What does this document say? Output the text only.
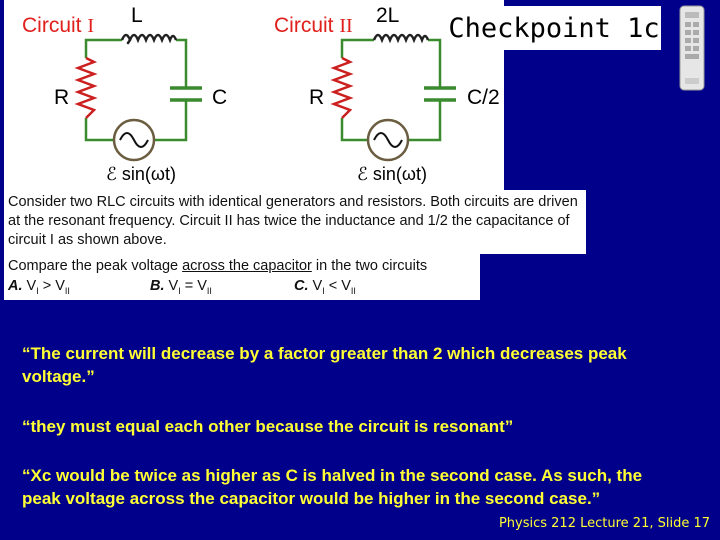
Circuit I L
R	C
ℰ sin(ωt)
Circuit II 2L
R	C/2
ℰ sin(ωt)
Checkpoint 1c
Consider two RLC circuits with identical generators and resistors. Both circuits are driven at the resonant frequency. Circuit II has twice the inductance and 1/2 the capacitance of circuit I as shown above.
Compare the peak voltage across the capacitor in the two circuits
A. $V_I > V_{II}$	B. $V_I = V_{II}$	C. $V_I < V_{II}$
“The current will decrease by a factor greater than 2 which decreases peak voltage.”
“they must equal each other because the circuit is resonant”
“Xc would be twice as higher as C is halved in the second case. As such, the peak voltage across the capacitor would be higher in the second case.”
Physics 212 Lecture 21, Slide 17
